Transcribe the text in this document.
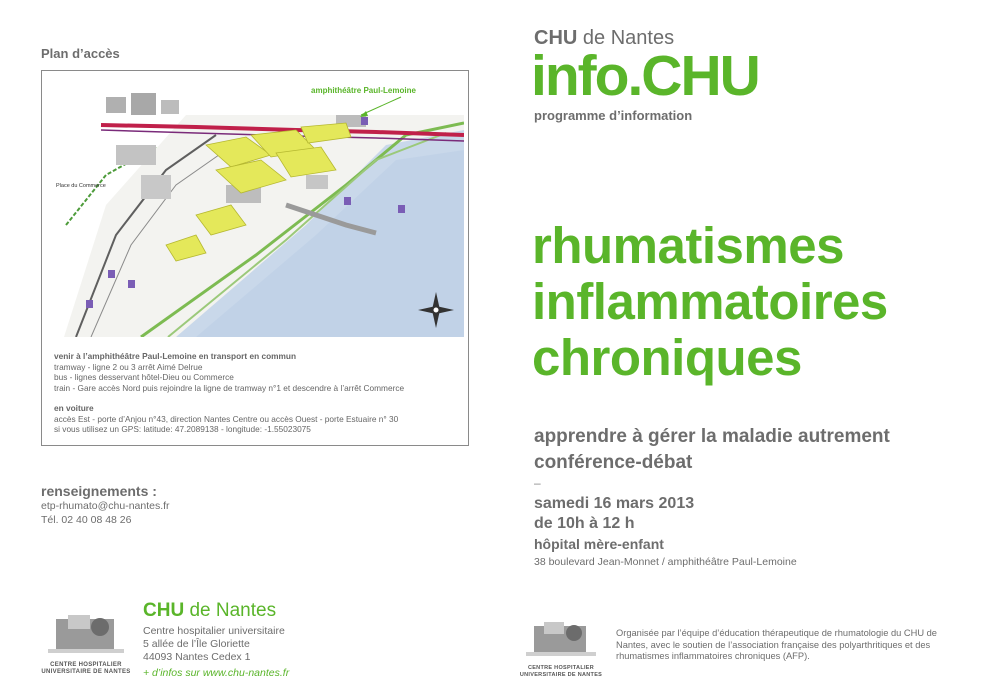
Plan d’accès
amphithéâtre Paul-Lemoine
Place du Commerce
venir à l’amphithéâtre Paul-Lemoine en transport en commun
tramway - ligne 2 ou 3 arrêt Aimé Delrue
bus - lignes desservant hôtel-Dieu ou Commerce
train - Gare accès Nord puis rejoindre la ligne de tramway n°1 et descendre à l’arrêt Commerce
en voiture
accès Est - porte d’Anjou n°43, direction Nantes Centre ou accès Ouest - porte Estuaire n° 30
si vous utilisez un GPS: latitude: 47.2089138 - longitude: -1.55023075
renseignements :
etp-rhumato@chu-nantes.fr
Tél. 02 40 08 48 26
CENTRE HOSPITALIER
UNIVERSITAIRE DE NANTES
CHU de Nantes
Centre hospitalier universitaire
5 allée de l’Île Gloriette
44093 Nantes Cedex 1
+ d’infos sur www.chu-nantes.fr
CHU de Nantes
info.CHU
programme d’information
rhumatismes
inflammatoires
chroniques
apprendre à gérer la maladie autrement
conférence-débat
–
samedi 16 mars 2013
de 10h à 12 h
hôpital mère-enfant
38 boulevard Jean-Monnet / amphithéâtre Paul-Lemoine
CENTRE HOSPITALIER
UNIVERSITAIRE DE NANTES
Organisée par l’équipe d’éducation thérapeutique de rhumatologie du CHU de Nantes, avec le soutien de l’association française des polyarthritiques et des rhumatismes inflammatoires chroniques (AFP).
